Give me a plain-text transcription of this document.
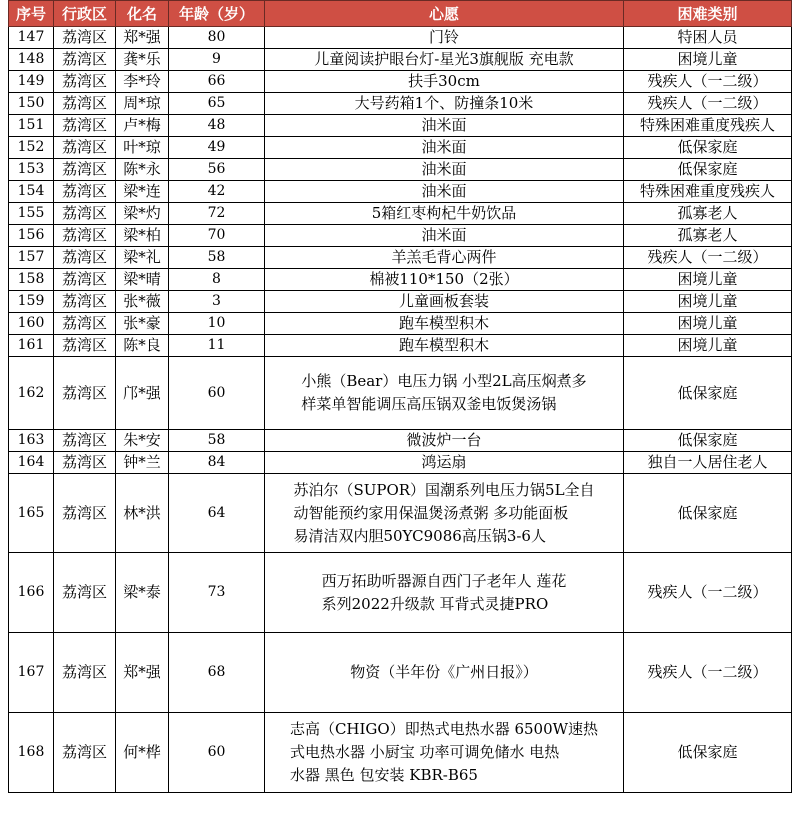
序号	行政区	化名	年龄（岁）	心愿	困难类别
147	荔湾区	郑*强	80	门铃	特困人员
148	荔湾区	龚*乐	9	儿童阅读护眼台灯-星光3旗舰版 充电款	困境儿童
149	荔湾区	李*玲	66	扶手30cm	残疾人（一二级）
150	荔湾区	周*琼	65	大号药箱1个、防撞条10米	残疾人（一二级）
151	荔湾区	卢*梅	48	油米面	特殊困难重度残疾人
152	荔湾区	叶*琼	49	油米面	低保家庭
153	荔湾区	陈*永	56	油米面	低保家庭
154	荔湾区	梁*连	42	油米面	特殊困难重度残疾人
155	荔湾区	梁*灼	72	5箱红枣枸杞牛奶饮品	孤寡老人
156	荔湾区	梁*柏	70	油米面	孤寡老人
157	荔湾区	梁*礼	58	羊羔毛背心两件	残疾人（一二级）
158	荔湾区	梁*晴	8	棉被110*150（2张）	困境儿童
159	荔湾区	张*薇	3	儿童画板套装	困境儿童
160	荔湾区	张*豪	10	跑车模型积木	困境儿童
161	荔湾区	陈*良	11	跑车模型积木	困境儿童
162	荔湾区	邝*强	60	小熊（Bear）电压力锅 小型2L高压焖煮多
样菜单智能调压高压锅双釜电饭煲汤锅	低保家庭
163	荔湾区	朱*安	58	微波炉一台	低保家庭
164	荔湾区	钟*兰	84	鸿运扇	独自一人居住老人
165	荔湾区	林*洪	64	苏泊尔（SUPOR）国潮系列电压力锅5L全自
动智能预约家用保温煲汤煮粥 多功能面板
易清洁双内胆50YC9086高压锅3-6人	低保家庭
166	荔湾区	梁*泰	73	西万拓助听器源自西门子老年人 莲花
系列2022升级款 耳背式灵捷PRO	残疾人（一二级）
167	荔湾区	郑*强	68	物资（半年份《广州日报》）	残疾人（一二级）
168	荔湾区	何*桦	60	志高（CHIGO）即热式电热水器 6500W速热
式电热水器 小厨宝 功率可调免储水 电热
水器 黑色 包安装 KBR-B65	低保家庭
